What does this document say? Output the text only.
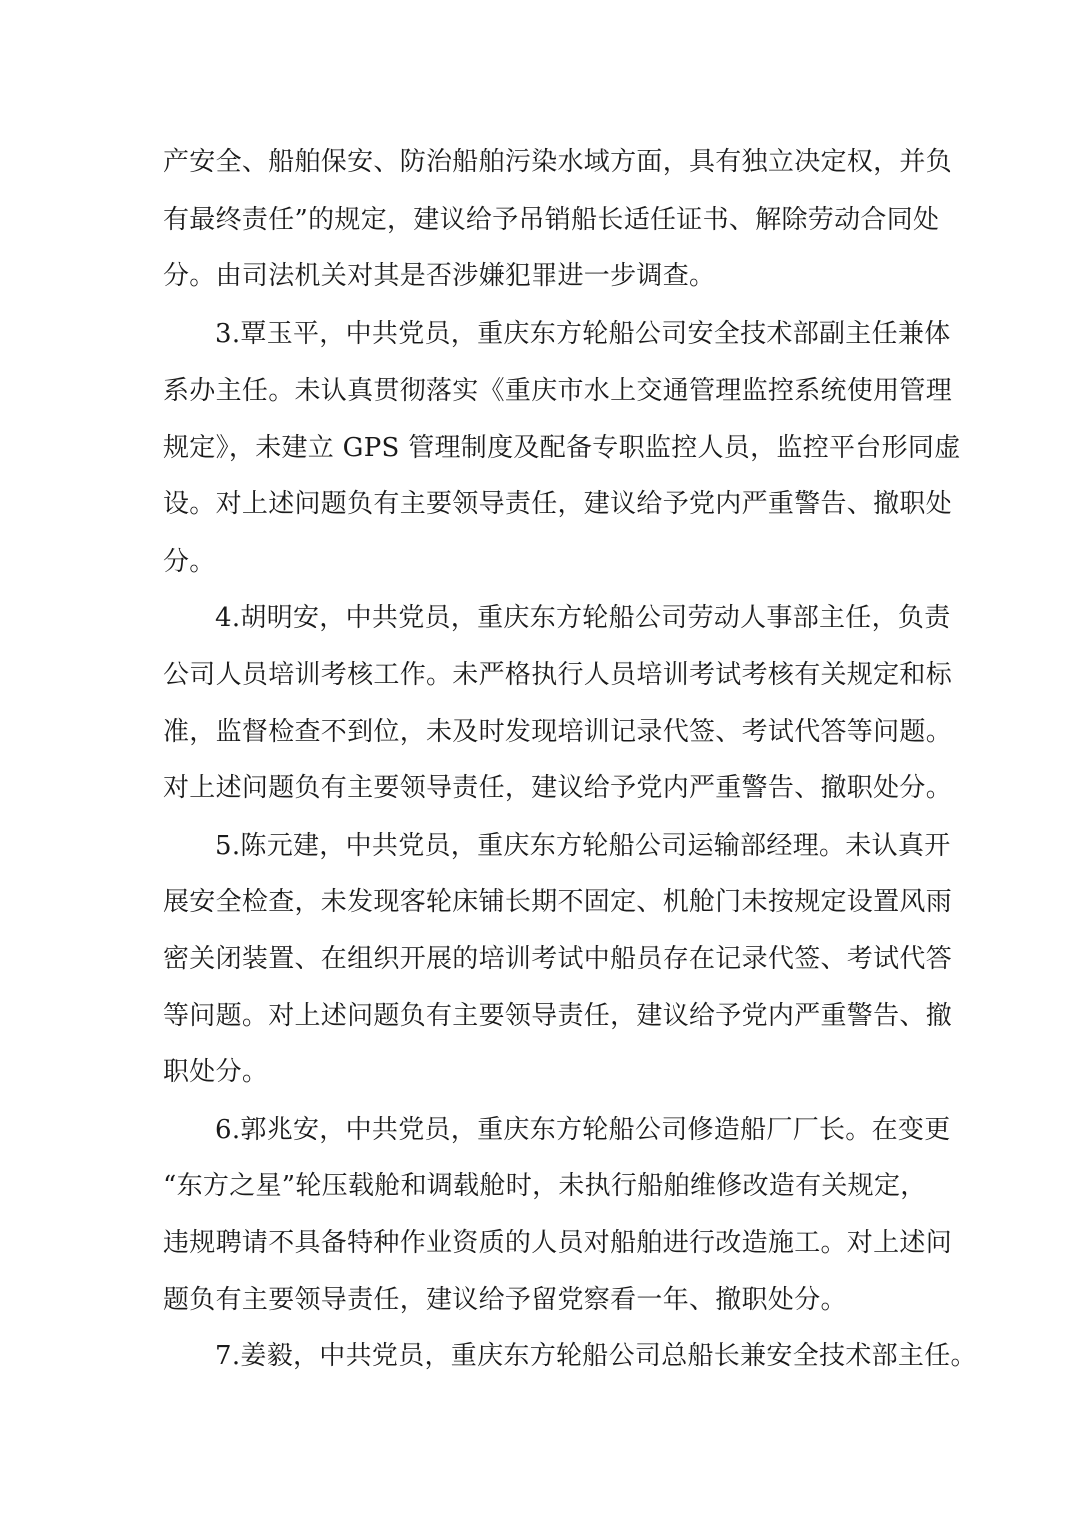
产安全、船舶保安、防治船舶污染水域方面，具有独立决定权，并负
有最终责任”的规定，建议给予吊销船长适任证书、解除劳动合同处
分。由司法机关对其是否涉嫌犯罪进一步调查。
3.覃玉平，中共党员，重庆东方轮船公司安全技术部副主任兼体
系办主任。未认真贯彻落实《重庆市水上交通管理监控系统使用管理
规定》，未建立 GPS 管理制度及配备专职监控人员，监控平台形同虚
设。对上述问题负有主要领导责任，建议给予党内严重警告、撤职处
分。
4.胡明安，中共党员，重庆东方轮船公司劳动人事部主任，负责
公司人员培训考核工作。未严格执行人员培训考试考核有关规定和标
准，监督检查不到位，未及时发现培训记录代签、考试代答等问题。
对上述问题负有主要领导责任，建议给予党内严重警告、撤职处分。
5.陈元建，中共党员，重庆东方轮船公司运输部经理。未认真开
展安全检查，未发现客轮床铺长期不固定、机舱门未按规定设置风雨
密关闭装置、在组织开展的培训考试中船员存在记录代签、考试代答
等问题。对上述问题负有主要领导责任，建议给予党内严重警告、撤
职处分。
6.郭兆安，中共党员，重庆东方轮船公司修造船厂厂长。在变更
“东方之星”轮压载舱和调载舱时，未执行船舶维修改造有关规定，
违规聘请不具备特种作业资质的人员对船舶进行改造施工。对上述问
题负有主要领导责任，建议给予留党察看一年、撤职处分。
7.姜毅，中共党员，重庆东方轮船公司总船长兼安全技术部主任。
